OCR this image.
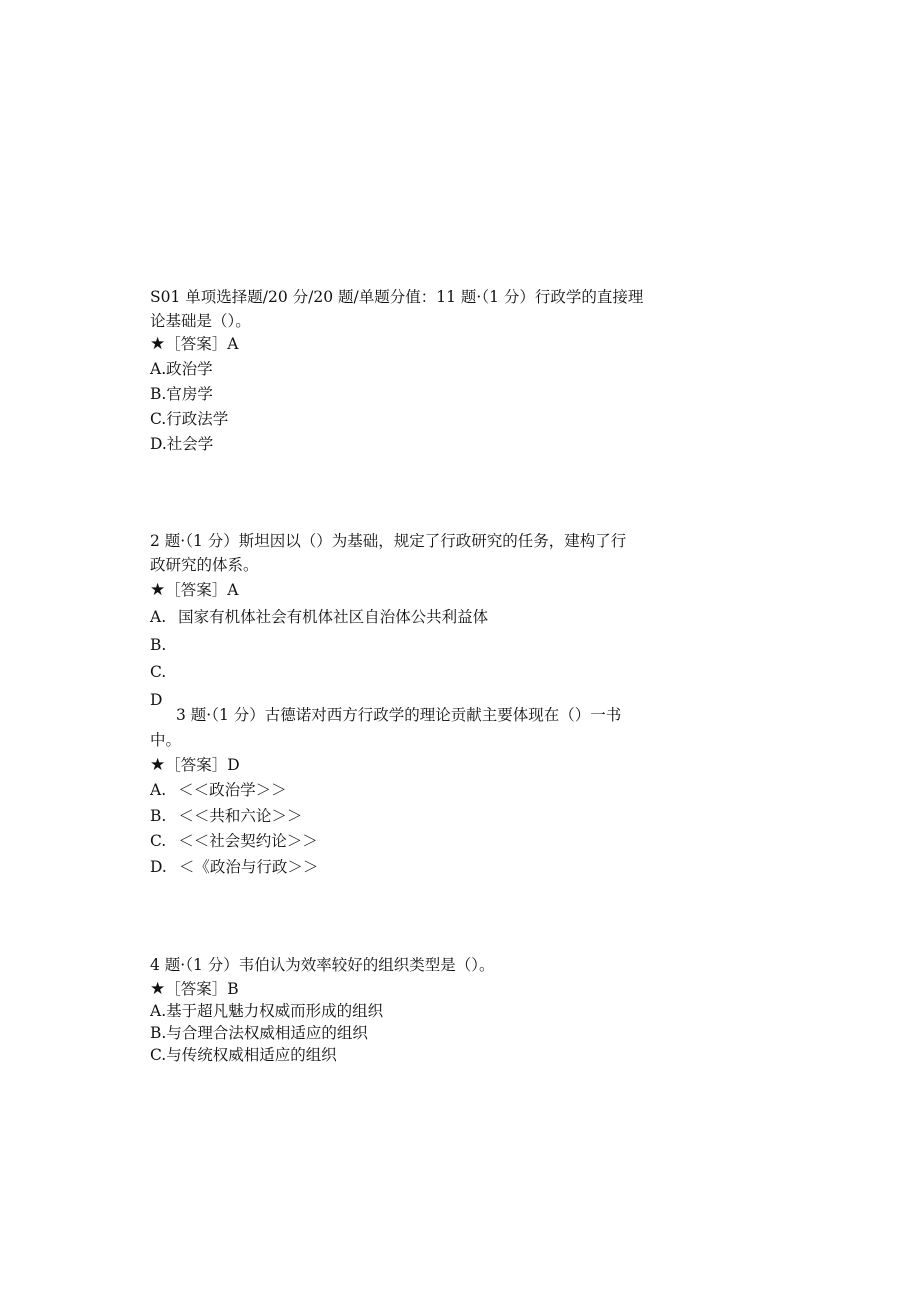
S01 单项选择题/20 分/20 题/单题分值：11 题·（1 分）行政学的直接理
论基础是（）。
★［答案］A
A.政治学
B.官房学
C.行政法学
D.社会学
2 题·（1 分）斯坦因以（）为基础，规定了行政研究的任务，建构了行
政研究的体系。
★［答案］A
A. 国家有机体社会有机体社区自治体公共利益体
B.
C.
D
3 题·（1 分）古德诺对西方行政学的理论贡献主要体现在（）一书
中。
★［答案］D
A. ＜＜政治学＞＞
B. ＜＜共和六论＞＞
C. ＜＜社会契约论＞＞
D. ＜《政治与行政＞＞
4 题·（1 分）韦伯认为效率较好的组织类型是（）。
★［答案］B
A.基于超凡魅力权威而形成的组织
B.与合理合法权威相适应的组织
C.与传统权威相适应的组织
